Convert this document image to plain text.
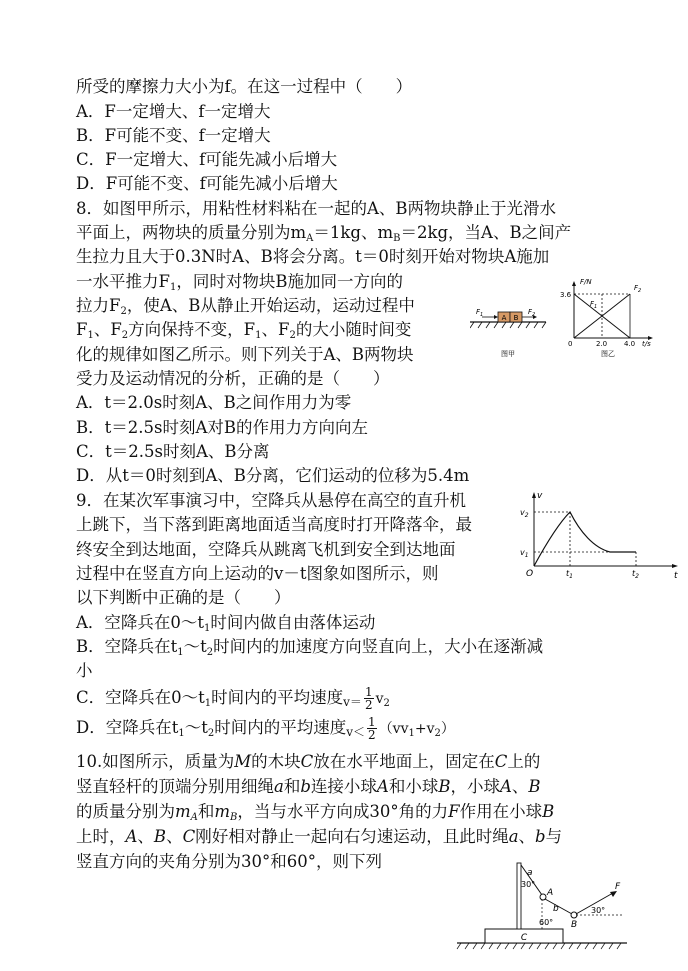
所受的摩擦力大小为f。在这一过程中（　　）
A．F一定增大、f一定增大
B．F可能不变、f一定增大
C．F一定增大、f可能先减小后增大
D．F可能不变、f可能先减小后增大
8．如图甲所示，用粘性材料粘在一起的A、B两物块静止于光滑水
平面上，两物块的质量分别为$m_A=1kg$、$m_B=2kg$，当A、B之间产
生拉力且大于0.3N时A、B将会分离。t＝0时刻开始对物块A施加
一水平推力$F_1$，同时对物块B施加同一方向的
拉力$F_2$，使A、B从静止开始运动，运动过程中
$F_1$、$F_2$方向保持不变，$F_1$、$F_2$的大小随时间变
化的规律如图乙所示。则下列关于A、B两物块
受力及运动情况的分析，正确的是（　　）
A．t＝2.0s时刻A、B之间作用力为零
B．t＝2.5s时刻A对B的作用力方向向左
C．t＝2.5s时刻A、B分离
D．从t＝0时刻到A、B分离，它们运动的位移为5.4m
A B
$F_1$	$F_2$
图甲
F/N
3.6
0	2.0 4.0 t/s
$F_1$
$F_2$
图乙
9．在某次军事演习中，空降兵从悬停在高空的直升机
上跳下，当下落到距离地面适当高度时打开降落伞，最
终安全到达地面，空降兵从跳离飞机到安全到达地面
过程中在竖直方向上运动的v－t图象如图所示，则
以下判断中正确的是（　　）
A．空降兵在$0\sim t_1$时间内做自由落体运动
B．空降兵在$t_1\sim t_2$时间内的加速度方向竖直向上，大小在逐渐减
小
C．空降兵在$0\sim t_1$时间内的平均速度$v= \frac{1}{2} v_2$
D．空降兵在$t_1\sim t_2$时间内的平均速度$v< \frac{1}{2} (vv_1+v_2)$
v
t
O
$v_2$
$v_1$
$t_1$	$t_2$
10.如图所示，质量为M的木块C放在水平地面上，固定在C上的
竖直轻杆的顶端分别用细绳a和b连接小球A和小球B，小球A、B
的质量分别为$m_A$和$m_B$，当与水平方向成30°角的力F作用在小球B
上时，A、B、C刚好相对静止一起向右匀速运动，且此时绳a、b与
竖直方向的夹角分别为30°和60°，则下列
C
a
30°
A
b
60° B
F
30°
